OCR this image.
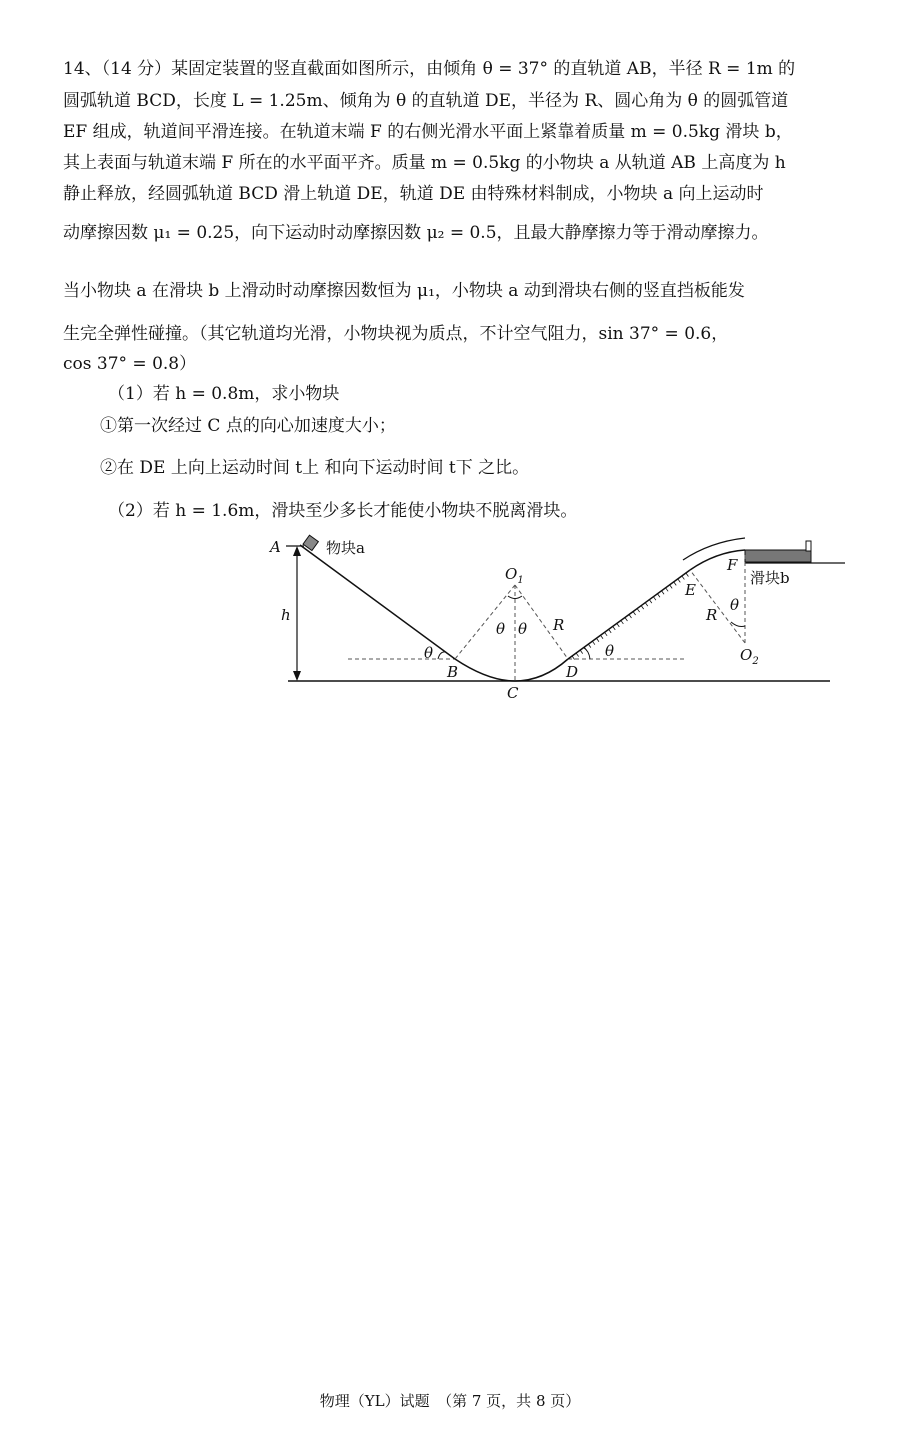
14、（14 分）某固定装置的竖直截面如图所示，由倾角 θ = 37° 的直轨道 AB，半径 R = 1m 的
圆弧轨道 BCD，长度 L = 1.25m、倾角为 θ 的直轨道 DE，半径为 R、圆心角为 θ 的圆弧管道
EF 组成，轨道间平滑连接。在轨道末端 F 的右侧光滑水平面上紧靠着质量 m = 0.5kg 滑块 b，
其上表面与轨道末端 F 所在的水平面平齐。质量 m = 0.5kg 的小物块 a 从轨道 AB 上高度为 h
静止释放，经圆弧轨道 BCD 滑上轨道 DE，轨道 DE 由特殊材料制成，小物块 a 向上运动时
动摩擦因数 μ₁ = 0.25，向下运动时动摩擦因数 μ₂ = 0.5，且最大静摩擦力等于滑动摩擦力。
当小物块 a 在滑块 b 上滑动时动摩擦因数恒为 μ₁，小物块 a 动到滑块右侧的竖直挡板能发
生完全弹性碰撞。（其它轨道均光滑，小物块视为质点，不计空气阻力，sin 37° = 0.6，
cos 37° = 0.8）
（1）若 h = 0.8m，求小物块
①第一次经过 C 点的向心加速度大小；
②在 DE 上向上运动时间 t上 和向下运动时间 t下 之比。
（2）若 h = 1.6m，滑块至少多长才能使小物块不脱离滑块。
A	物块a
h
θ
B
C
D
$O_1$
θ θ R
θ
E
F
滑块b
θ
R
$O_2$
物理（YL）试题　（第 7 页，共 8 页）
